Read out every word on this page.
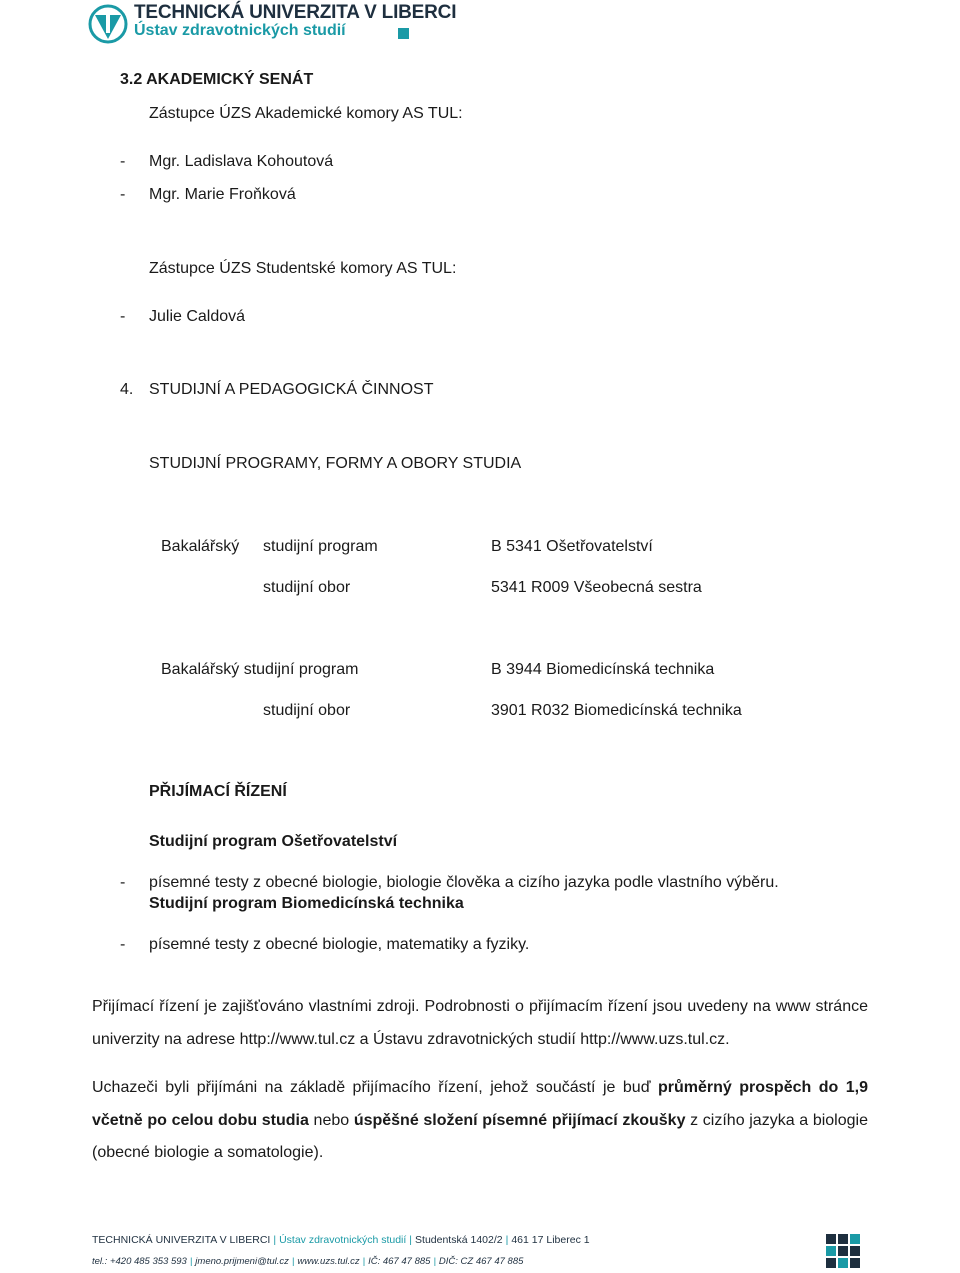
TECHNICKÁ UNIVERZITA V LIBERCI
Ústav zdravotnických studií
3.2 AKADEMICKÝ SENÁT
Zástupce ÚZS Akademické komory AS TUL:
- Mgr. Ladislava Kohoutová
- Mgr. Marie Froňková
Zástupce ÚZS Studentské komory AS TUL:
- Julie Caldová
4. STUDIJNÍ A PEDAGOGICKÁ ČINNOST
STUDIJNÍ PROGRAMY, FORMY A OBORY STUDIA
Bakalářský studijní program	B 5341 Ošetřovatelství
studijní obor	5341 R009 Všeobecná sestra
Bakalářský studijní program	B 3944 Biomedicínská technika
studijní obor	3901 R032 Biomedicínská technika
PŘIJÍMACÍ ŘÍZENÍ
Studijní program Ošetřovatelství
- písemné testy z obecné biologie, biologie člověka a cizího jazyka podle vlastního výběru.
Studijní program Biomedicínská technika
- písemné testy z obecné biologie, matematiky a fyziky.
Přijímací řízení je zajišťováno vlastními zdroji. Podrobnosti o přijímacím řízení jsou uvedeny na www stránce univerzity na adrese http://www.tul.cz a Ústavu zdravotnických studií http://www.uzs.tul.cz.
Uchazeči byli přijímáni na základě přijímacího řízení, jehož součástí je buď průměrný prospěch do 1,9 včetně po celou dobu studia nebo úspěšné složení písemné přijímací zkoušky z cizího jazyka a biologie (obecné biologie a somatologie).
TECHNICKÁ UNIVERZITA V LIBERCI | Ústav zdravotnických studií | Studentská 1402/2 | 461 17 Liberec 1
tel.: +420 485 353 593 | jmeno.prijmeni@tul.cz | www.uzs.tul.cz | IČ: 467 47 885 | DIČ: CZ 467 47 885
